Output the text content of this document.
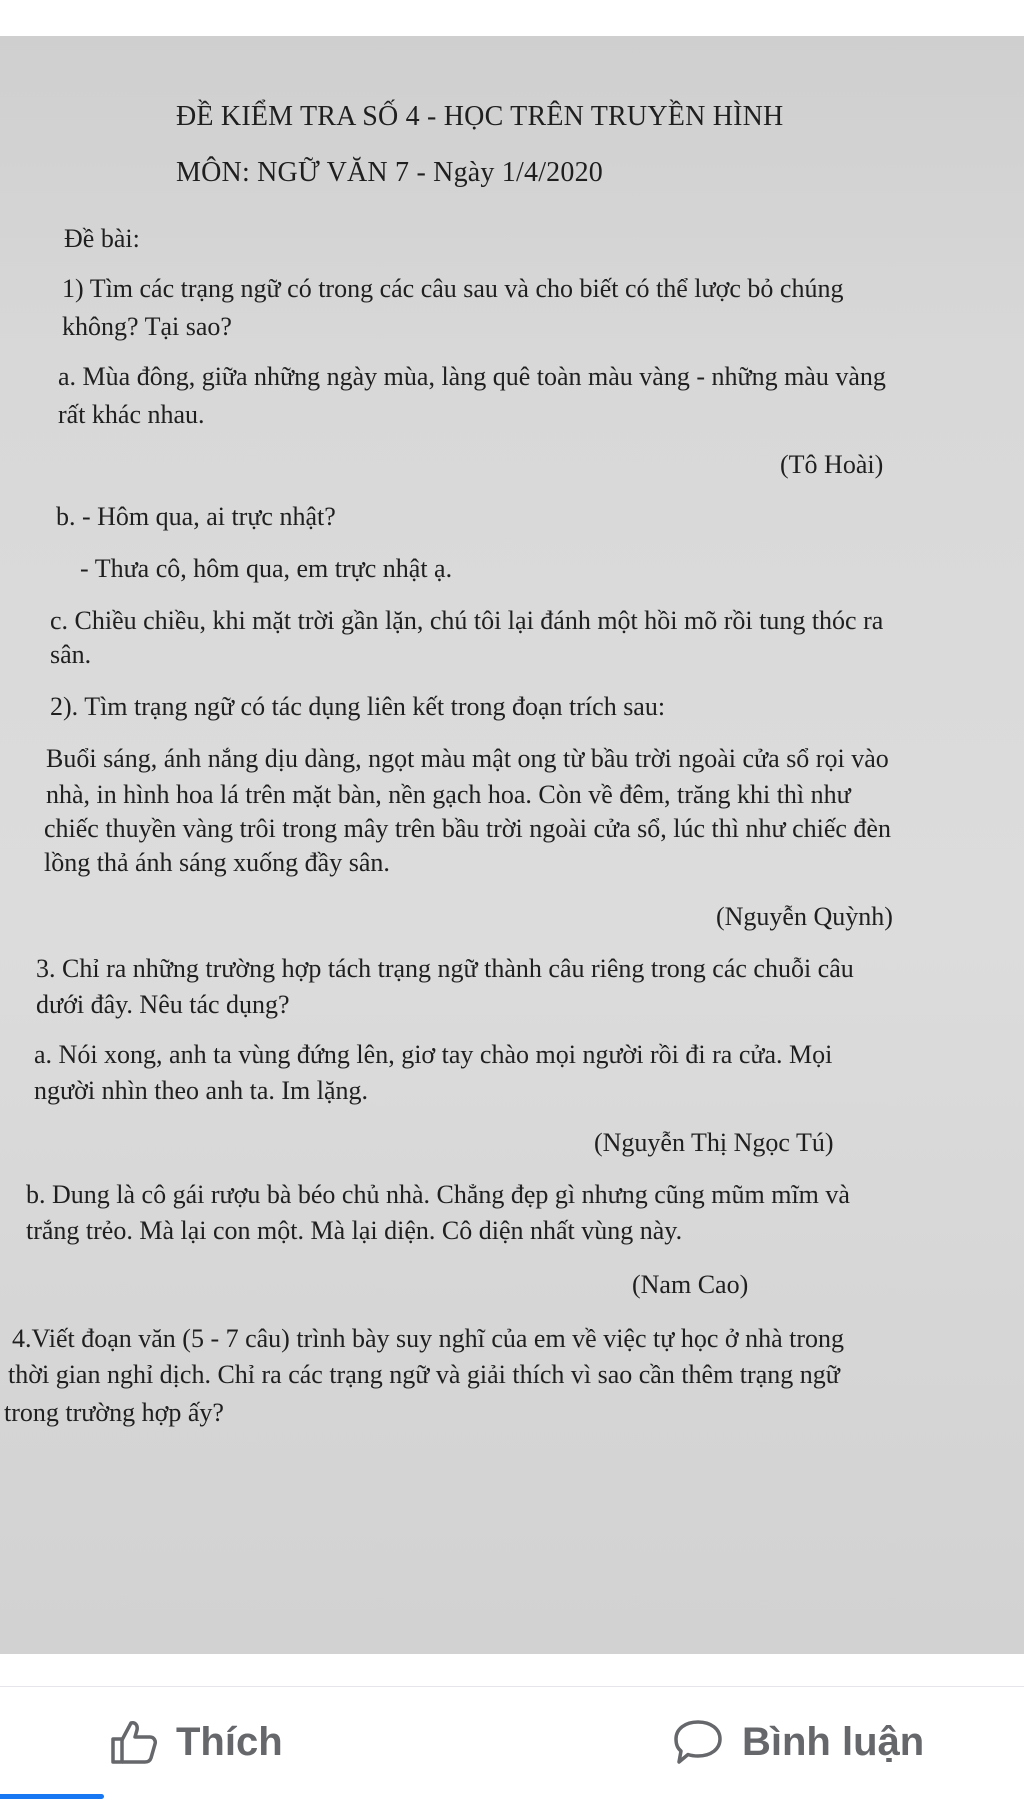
ĐỀ KIỂM TRA SỐ 4 - HỌC TRÊN TRUYỀN HÌNH
MÔN: NGỮ VĂN 7 - Ngày 1/4/2020
Đề bài:
1) Tìm các trạng ngữ có trong các câu sau và cho biết có thể lược bỏ chúng
không? Tại sao?
a. Mùa đông, giữa những ngày mùa, làng quê toàn màu vàng - những màu vàng
rất khác nhau.
(Tô Hoài)
b. - Hôm qua, ai trực nhật?
- Thưa cô, hôm qua, em trực nhật ạ.
c. Chiều chiều, khi mặt trời gần lặn, chú tôi lại đánh một hồi mõ rồi tung thóc ra
sân.
2). Tìm trạng ngữ có tác dụng liên kết trong đoạn trích sau:
Buổi sáng, ánh nắng dịu dàng, ngọt màu mật ong từ bầu trời ngoài cửa sổ rọi vào
nhà, in hình hoa lá trên mặt bàn, nền gạch hoa. Còn về đêm, trăng khi thì như
chiếc thuyền vàng trôi trong mây trên bầu trời ngoài cửa sổ, lúc thì như chiếc đèn
lồng thả ánh sáng xuống đầy sân.
(Nguyễn Quỳnh)
3. Chỉ ra những trường hợp tách trạng ngữ thành câu riêng trong các chuỗi câu
dưới đây. Nêu tác dụng?
a. Nói xong, anh ta vùng đứng lên, giơ tay chào mọi người rồi đi ra cửa. Mọi
người nhìn theo anh ta. Im lặng.
(Nguyễn Thị Ngọc Tú)
b. Dung là cô gái rượu bà béo chủ nhà. Chẳng đẹp gì nhưng cũng mũm mĩm và
trắng trẻo. Mà lại con một. Mà lại diện. Cô diện nhất vùng này.
(Nam Cao)
4.Viết đoạn văn (5 - 7 câu) trình bày suy nghĩ của em về việc tự học ở nhà trong
thời gian nghỉ dịch. Chỉ ra các trạng ngữ và giải thích vì sao cần thêm trạng ngữ
trong trường hợp ấy?
Thích	Bình luận
